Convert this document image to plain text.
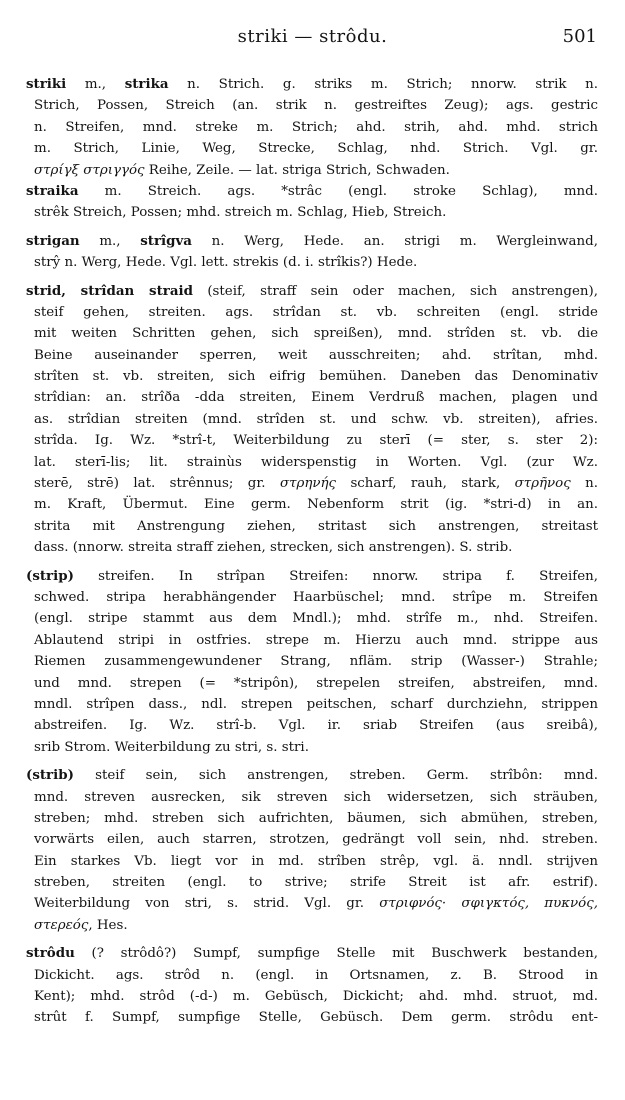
striki — strôdu.	501
striki m., strika n. Strich. g. striks m. Strich; nnorw. strik n.
Strich, Possen, Streich (an. strik n. gestreiftes Zeug); ags. gestric
n. Streifen, mnd. streke m. Strich; ahd. strih, ahd. mhd. strich
m. Strich, Linie, Weg, Strecke, Schlag, nhd. Strich. Vgl. gr.
στρίγξ στριγγός Reihe, Zeile. — lat. striga Strich, Schwaden.
straika m. Streich. ags. *strâc (engl. stroke Schlag), mnd.
strêk Streich, Possen; mhd. streich m. Schlag, Hieb, Streich.
strigan m., strîgva n. Werg, Hede. an. strigi m. Wergleinwand,
strŷ n. Werg, Hede. Vgl. lett. strekis (d. i. strîkis?) Hede.
strid, strîdan straid (steif, straff sein oder machen, sich anstrengen),
steif gehen, streiten. ags. strîdan st. vb. schreiten (engl. stride
mit weiten Schritten gehen, sich spreißen), mnd. strîden st. vb. die
Beine auseinander sperren, weit ausschreiten; ahd. strîtan, mhd.
strîten st. vb. streiten, sich eifrig bemühen. Daneben das Denominativ
strîdian: an. strîða -dda streiten, Einem Verdruß machen, plagen und
as. strîdian streiten (mnd. strîden st. und schw. vb. streiten), afries.
strîda. Ig. Wz. *strî-t, Weiterbildung zu sterī (= ster, s. ster 2):
lat. sterī-lis; lit. strainùs widerspenstig in Worten. Vgl. (zur Wz.
sterē, strē) lat. strênnus; gr. στρηνής scharf, rauh, stark, στρῆνος n.
m. Kraft, Übermut. Eine germ. Nebenform strit (ig. *stri-d) in an.
strita mit Anstrengung ziehen, stritast sich anstrengen, streitast
dass. (nnorw. streita straff ziehen, strecken, sich anstrengen). S. strib.
(strip) streifen. In strîpan Streifen: nnorw. stripa f. Streifen,
schwed. stripa herabhängender Haarbüschel; mnd. strîpe m. Streifen
(engl. stripe stammt aus dem Mndl.); mhd. strîfe m., nhd. Streifen.
Ablautend stripi in ostfries. strepe m. Hierzu auch mnd. strippe aus
Riemen zusammengewundener Strang, nfläm. strip (Wasser-) Strahle;
und mnd. strepen (= *stripôn), strepelen streifen, abstreifen, mnd.
mndl. strîpen dass., ndl. strepen peitschen, scharf durchziehn, strippen
abstreifen. Ig. Wz. strî-b. Vgl. ir. sriab Streifen (aus sreibâ),
srib Strom. Weiterbildung zu stri, s. stri.
(strib) steif sein, sich anstrengen, streben. Germ. strîbôn: mnd.
mnd. streven ausrecken, sik streven sich widersetzen, sich sträuben,
streben; mhd. streben sich aufrichten, bäumen, sich abmühen, streben,
vorwärts eilen, auch starren, strotzen, gedrängt voll sein, nhd. streben.
Ein starkes Vb. liegt vor in md. strîben strêp, vgl. ä. nndl. strijven
streben, streiten (engl. to strive; strife Streit ist afr. estrif).
Weiterbildung von stri, s. strid. Vgl. gr. στριφνός· σφιγκτός, πυκνός,
στερεός, Hes.
strôdu (? strôdô?) Sumpf, sumpfige Stelle mit Buschwerk bestanden,
Dickicht. ags. strôd n. (engl. in Ortsnamen, z. B. Strood in
Kent); mhd. strôd (-d-) m. Gebüsch, Dickicht; ahd. mhd. struot, md.
strût f. Sumpf, sumpfige Stelle, Gebüsch. Dem germ. strôdu ent-
